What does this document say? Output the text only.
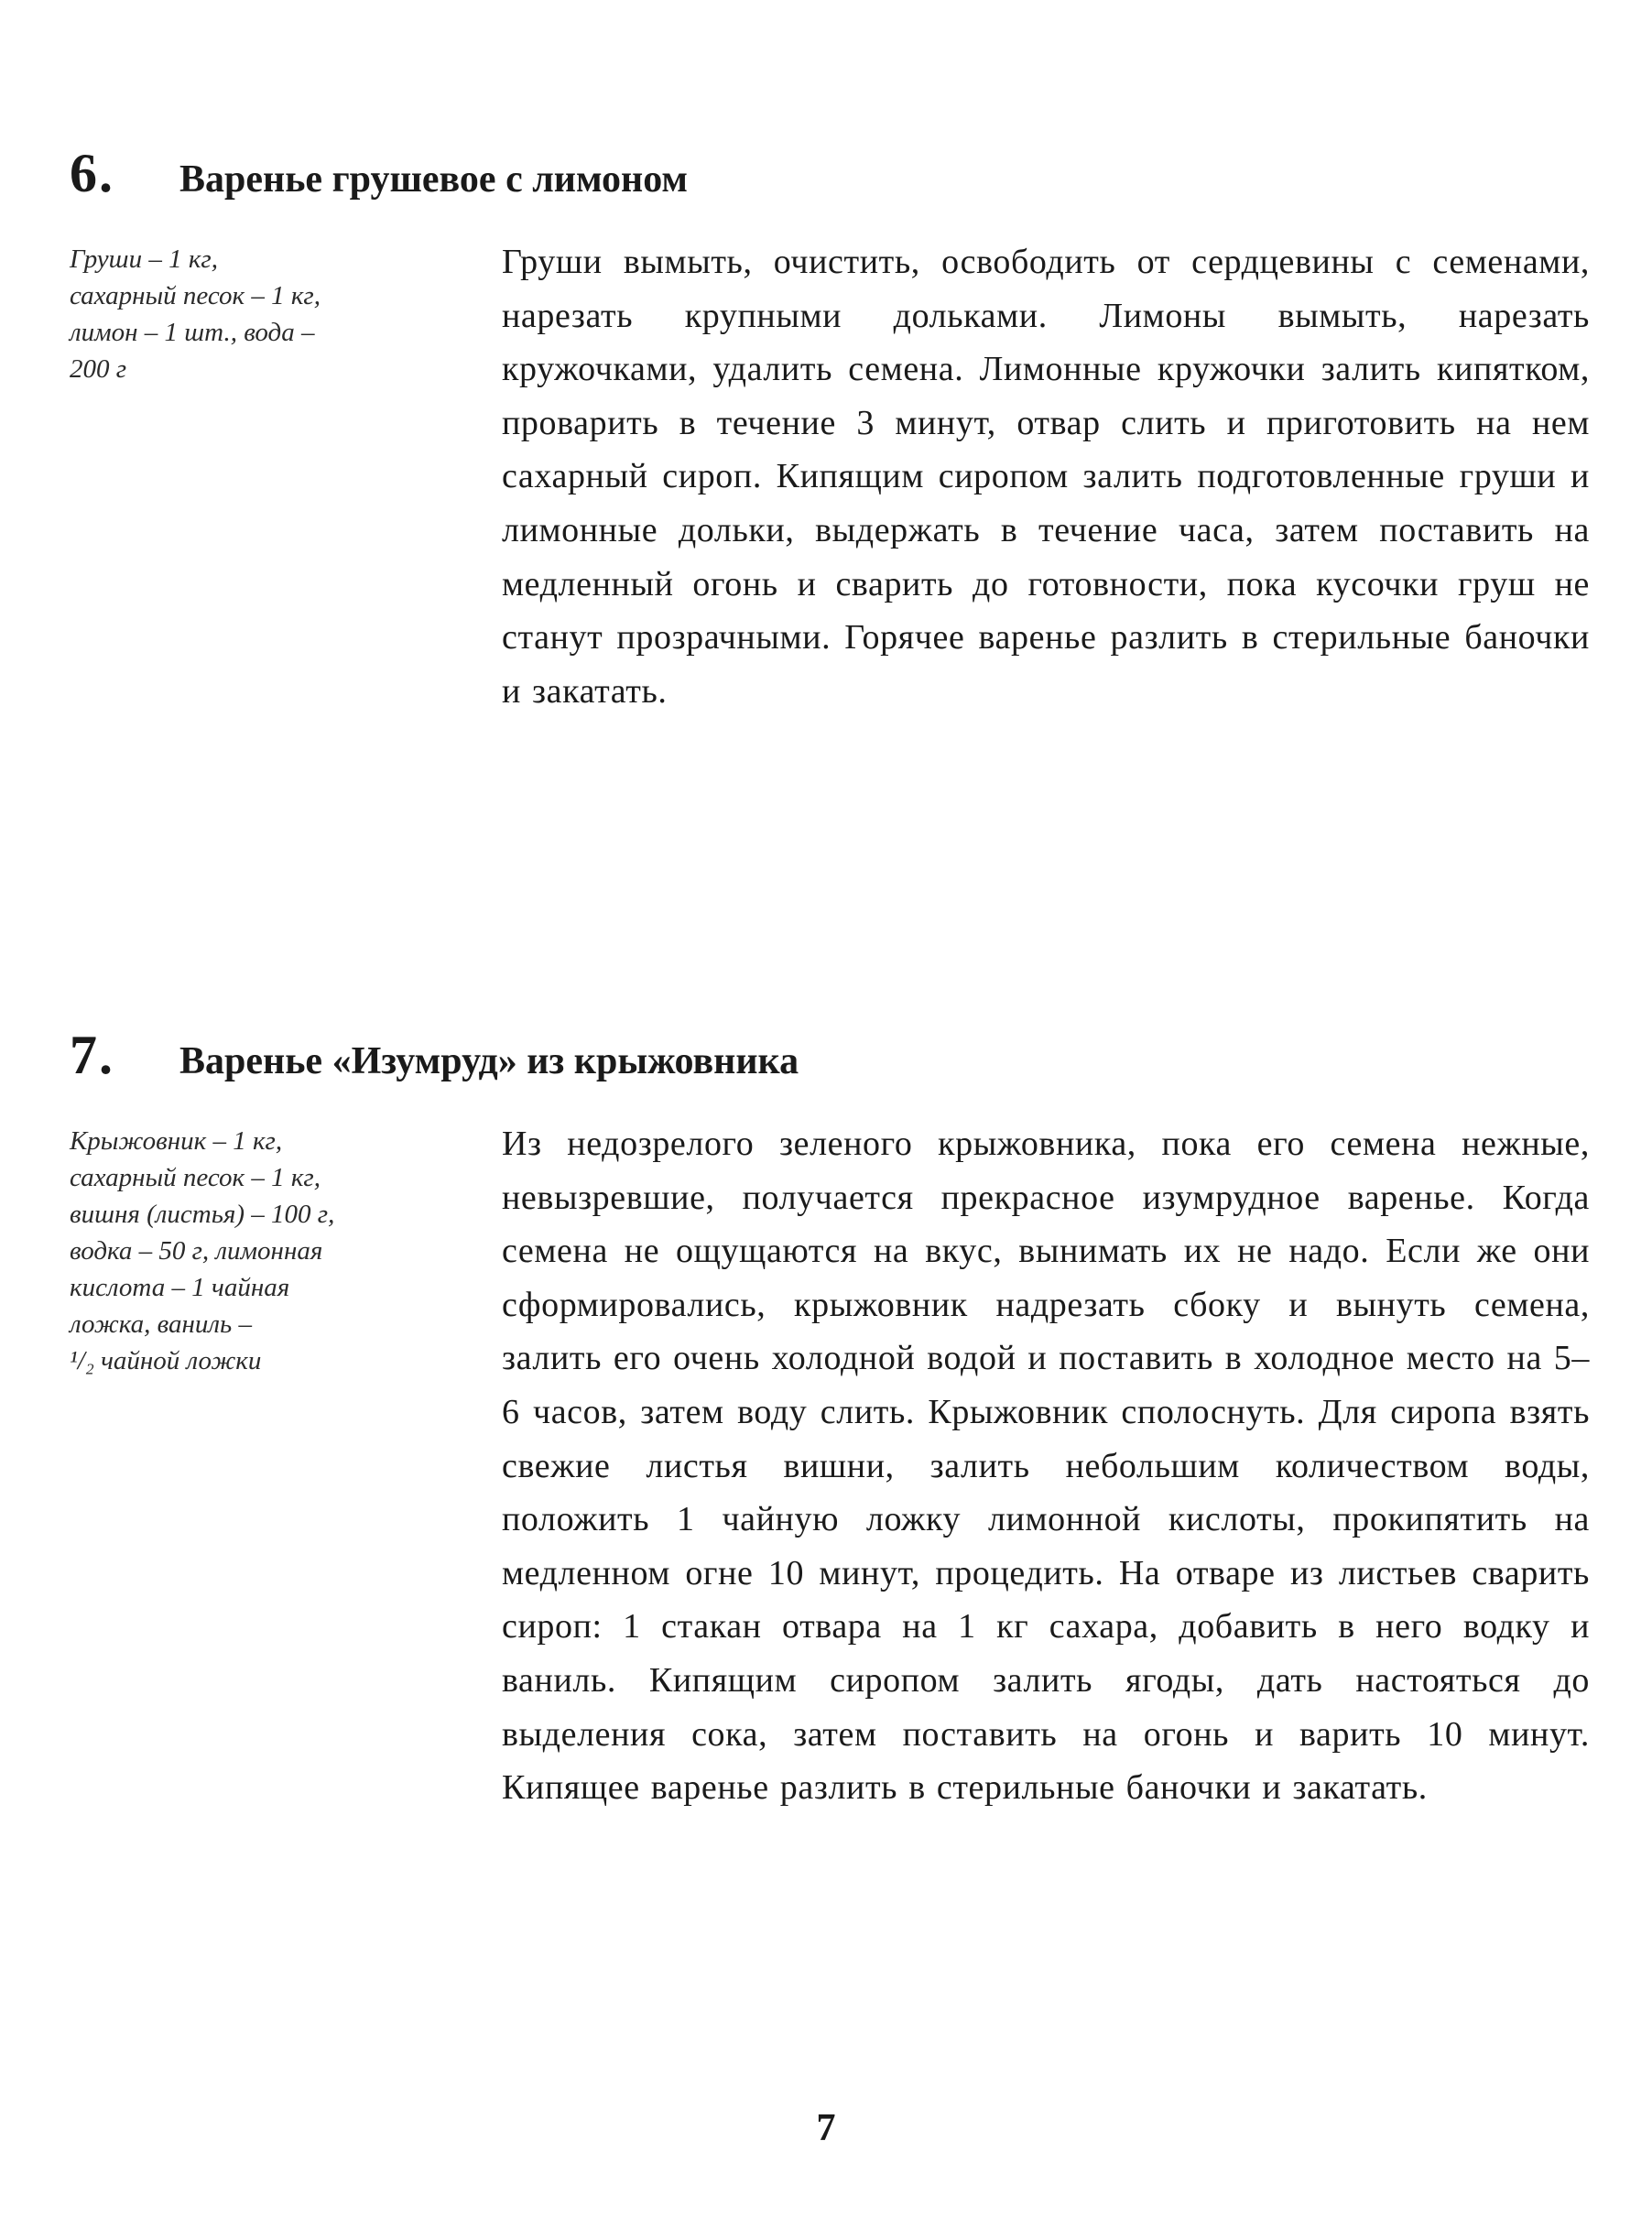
6.	Варенье грушевое с лимоном
Груши – 1 кг,
сахарный песок – 1 кг,
лимон – 1 шт., вода –
200 г
Груши вымыть, очистить, освободить от сердцевины с семенами, нарезать крупными дольками. Лимоны вымыть, нарезать кружочками, удалить семена. Лимонные кружочки залить кипятком, проварить в течение 3 минут, отвар слить и приготовить на нем сахарный сироп. Кипящим сиропом залить подготовленные груши и лимонные дольки, выдержать в течение часа, затем поставить на медленный огонь и сварить до готовности, пока кусочки груш не станут прозрачными. Горячее варенье разлить в стерильные баночки и закатать.
7.	Варенье «Изумруд» из крыжовника
Крыжовник – 1 кг,
сахарный песок – 1 кг,
вишня (листья) – 100 г,
водка – 50 г, лимонная
кислота – 1 чайная
ложка, ваниль –
¹/₂ чайной ложки
Из недозрелого зеленого крыжовника, пока его семена нежные, невызревшие, получается прекрасное изумрудное варенье. Когда семена не ощущаются на вкус, вынимать их не надо. Если же они сформировались, крыжовник надрезать сбоку и вынуть семена, залить его очень холодной водой и поставить в холодное место на 5–6 часов, затем воду слить. Крыжовник сполоснуть. Для сиропа взять свежие листья вишни, залить небольшим количеством воды, положить 1 чайную ложку лимонной кислоты, прокипятить на медленном огне 10 минут, процедить. На отваре из листьев сварить сироп: 1 стакан отвара на 1 кг сахара, добавить в него водку и ваниль. Кипящим сиропом залить ягоды, дать настояться до выделения сока, затем поставить на огонь и варить 10 минут. Кипящее варенье разлить в стерильные баночки и закатать.
7
